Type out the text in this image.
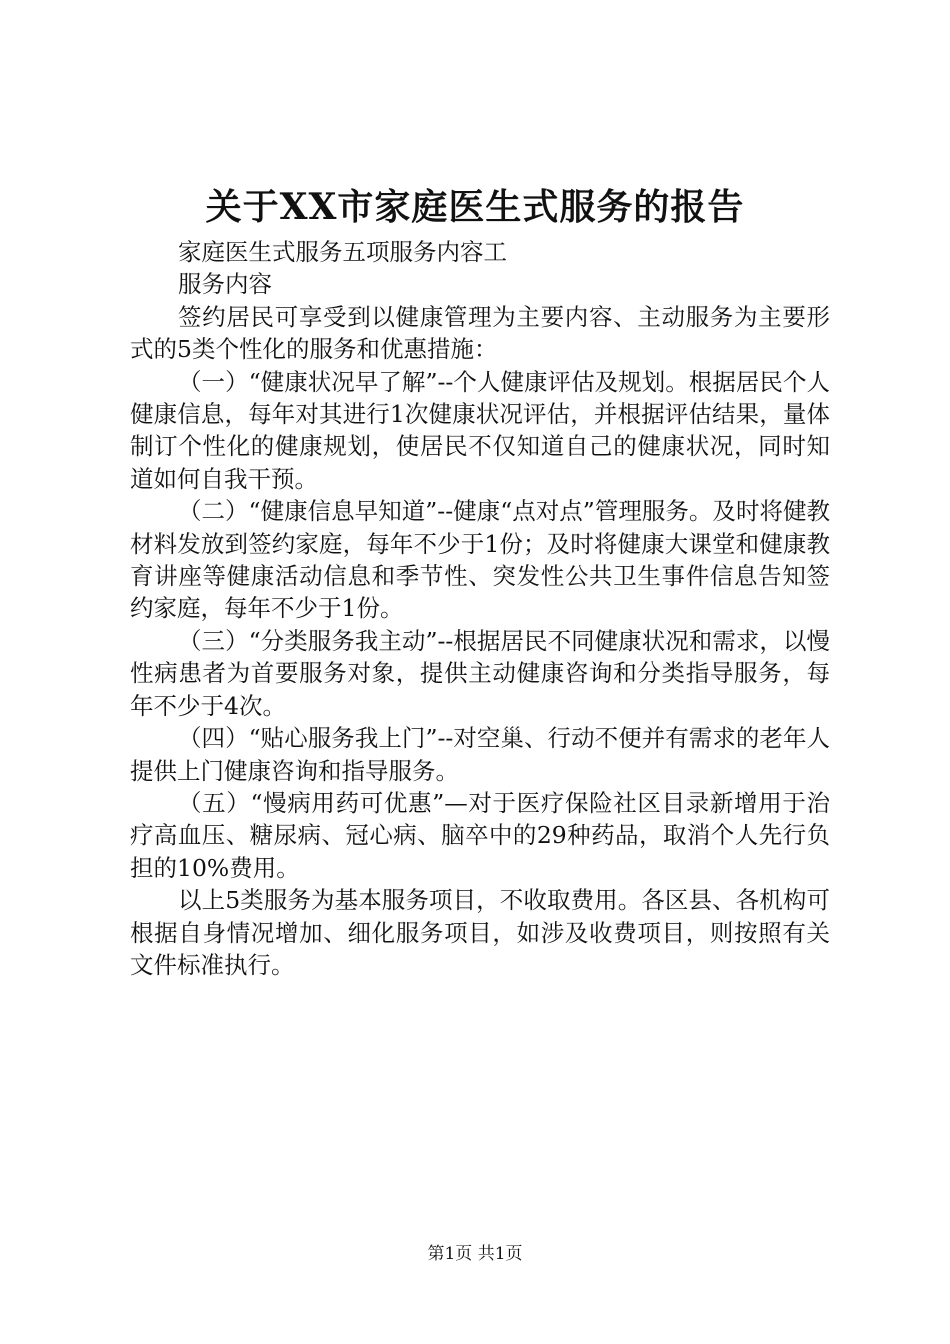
关于XX市家庭医生式服务的报告

家庭医生式服务五项服务内容工

服务内容

签约居民可享受到以健康管理为主要内容、主动服务为主要形式的5类个性化的服务和优惠措施：

（一）“健康状况早了解”--个人健康评估及规划。根据居民个人健康信息，每年对其进行1次健康状况评估，并根据评估结果，量体制订个性化的健康规划，使居民不仅知道自己的健康状况，同时知道如何自我干预。

（二）“健康信息早知道”--健康“点对点”管理服务。及时将健教材料发放到签约家庭，每年不少于1份；及时将健康大课堂和健康教育讲座等健康活动信息和季节性、突发性公共卫生事件信息告知签约家庭，每年不少于1份。

（三）“分类服务我主动”--根据居民不同健康状况和需求，以慢性病患者为首要服务对象，提供主动健康咨询和分类指导服务，每年不少于4次。

（四）“贴心服务我上门”--对空巢、行动不便并有需求的老年人提供上门健康咨询和指导服务。

（五）“慢病用药可优惠”—对于医疗保险社区目录新增用于治疗高血压、糖尿病、冠心病、脑卒中的29种药品，取消个人先行负担的10%费用。

以上5类服务为基本服务项目，不收取费用。各区县、各机构可根据自身情况增加、细化服务项目，如涉及收费项目，则按照有关文件标准执行。

第1页 共1页
